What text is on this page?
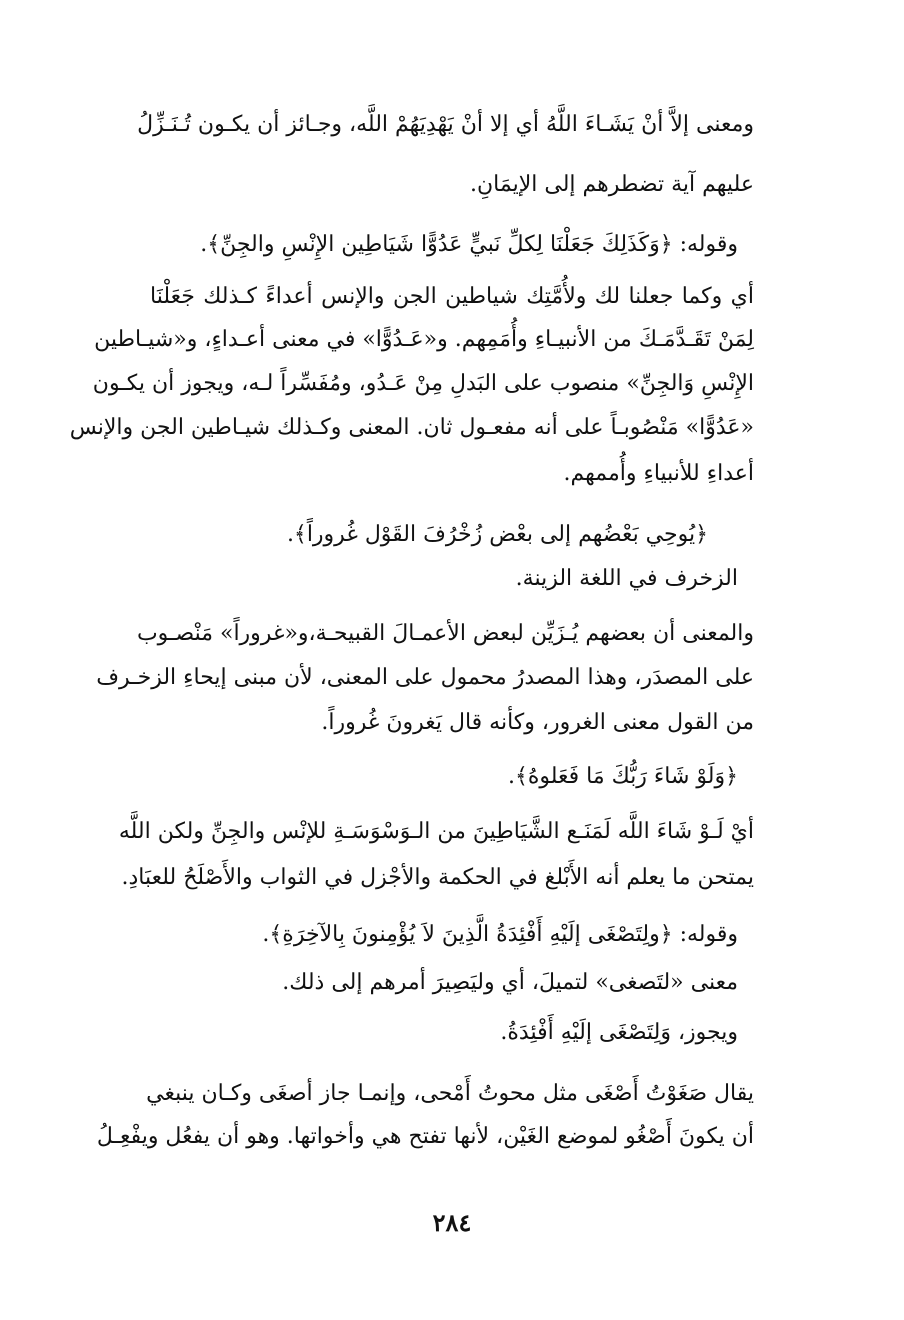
ومعنى إلاَّ أنْ يَشَـاءَ اللَّهُ أي إلا أنْ يَهْدِيَهُمْ اللَّه، وجـائز أن يكـون تُـنَـزِّلُ
عليهم آية تضطرهم إلى الإيمَانِ.
وقوله: ﴿وَكَذَلِكَ جَعَلْنَا لِكلِّ نَبيٍّ عَدُوًّا شَيَاطِين الإِنْسِ والجِنِّ﴾.
أي وكما جعلنا لك ولأُمَّتِك شياطين الجن والإنس أعداءً كـذلك جَعَلْنَا
لِمَنْ تَقَـدَّمَـكَ من الأنبيـاءِ وأُمَمِهم. و«عَـدُوًّا» في معنى أعـداءٍ، و«شيـاطين
الإِنْسِ وَالجِنِّ» منصوب على البَدلِ مِنْ عَـدُو، ومُفَسِّراً لـه، ويجوز أن يكـون
«عَدُوًّا» مَنْصُوبـاً على أنه مفعـول ثان. المعنى وكـذلك شيـاطين الجن والإنس
أعداءِ للأنبياءِ وأُممهم.
﴿يُوحِي بَعْضُهم إلى بعْض زُخْرُفَ القَوْل غُروراً﴾.
الزخرف في اللغة الزينة.
والمعنى أن بعضهم يُـزَيِّن لبعض الأعمـالَ القبيحـة،و«غروراً» مَنْصـوب
على المصدَر، وهذا المصدرُ محمول على المعنى، لأن مبنى إيحاءِ الزخـرف
من القول معنى الغرور، وكأنه قال يَغرونَ غُروراً.
﴿وَلَوْ شَاءَ رَبُّكَ مَا فَعَلوهُ﴾.
أيْ لَـوْ شَاءَ اللَّه لَمَنَـع الشَّيَاطِينَ من الـوَسْوَسَـةِ للإنْس والجِنِّ ولكن اللَّه
يمتحن ما يعلم أنه الأَبْلغ في الحكمة والأجْزل في الثواب والأَصْلَحُ للعبَادِ.
وقوله: ﴿ولِتَصْغَى إلَيْهِ أَفْئِدَةُ الَّذِينَ لاَ يُؤْمِنونَ بِالآخِرَةِ﴾.
معنى «لتَصغى» لتميلَ، أي وليَصِيرَ أمرهم إلى ذلك.
ويجوز، وَلِتَصْغَى إلَيْهِ أَفْئِدَةُ.
يقال صَغَوْتُ أَصْغَى مثل محوتُ أَمْحى، وإنمـا جاز أصغَى وكـان ينبغي
أن يكونَ أَصْغُو لموضع الغَيْن، لأنها تفتح هي وأخواتها. وهو أن يفعُل ويفْعِـلُ
٢٨٤
